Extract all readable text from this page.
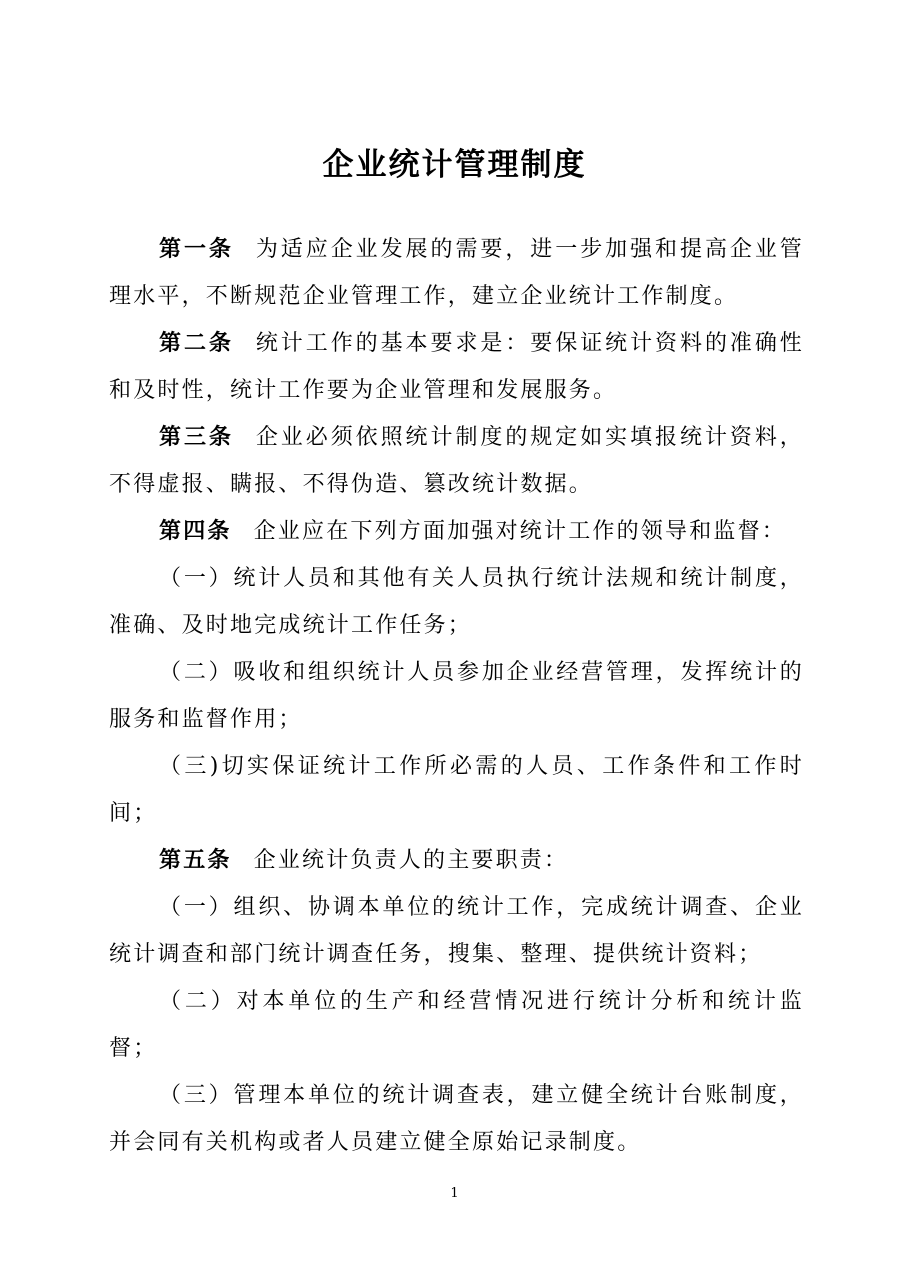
企业统计管理制度

第一条 为适应企业发展的需要，进一步加强和提高企业管理水平，不断规范企业管理工作，建立企业统计工作制度。

第二条 统计工作的基本要求是：要保证统计资料的准确性和及时性，统计工作要为企业管理和发展服务。

第三条 企业必须依照统计制度的规定如实填报统计资料，不得虚报、瞒报、不得伪造、篡改统计数据。

第四条 企业应在下列方面加强对统计工作的领导和监督：

（一）统计人员和其他有关人员执行统计法规和统计制度，准确、及时地完成统计工作任务；

（二）吸收和组织统计人员参加企业经营管理，发挥统计的服务和监督作用；

（三)切实保证统计工作所必需的人员、工作条件和工作时间；

第五条 企业统计负责人的主要职责：

（一）组织、协调本单位的统计工作，完成统计调查、企业统计调查和部门统计调查任务，搜集、整理、提供统计资料；

（二）对本单位的生产和经营情况进行统计分析和统计监督；

（三）管理本单位的统计调查表，建立健全统计台账制度，并会同有关机构或者人员建立健全原始记录制度。

1
